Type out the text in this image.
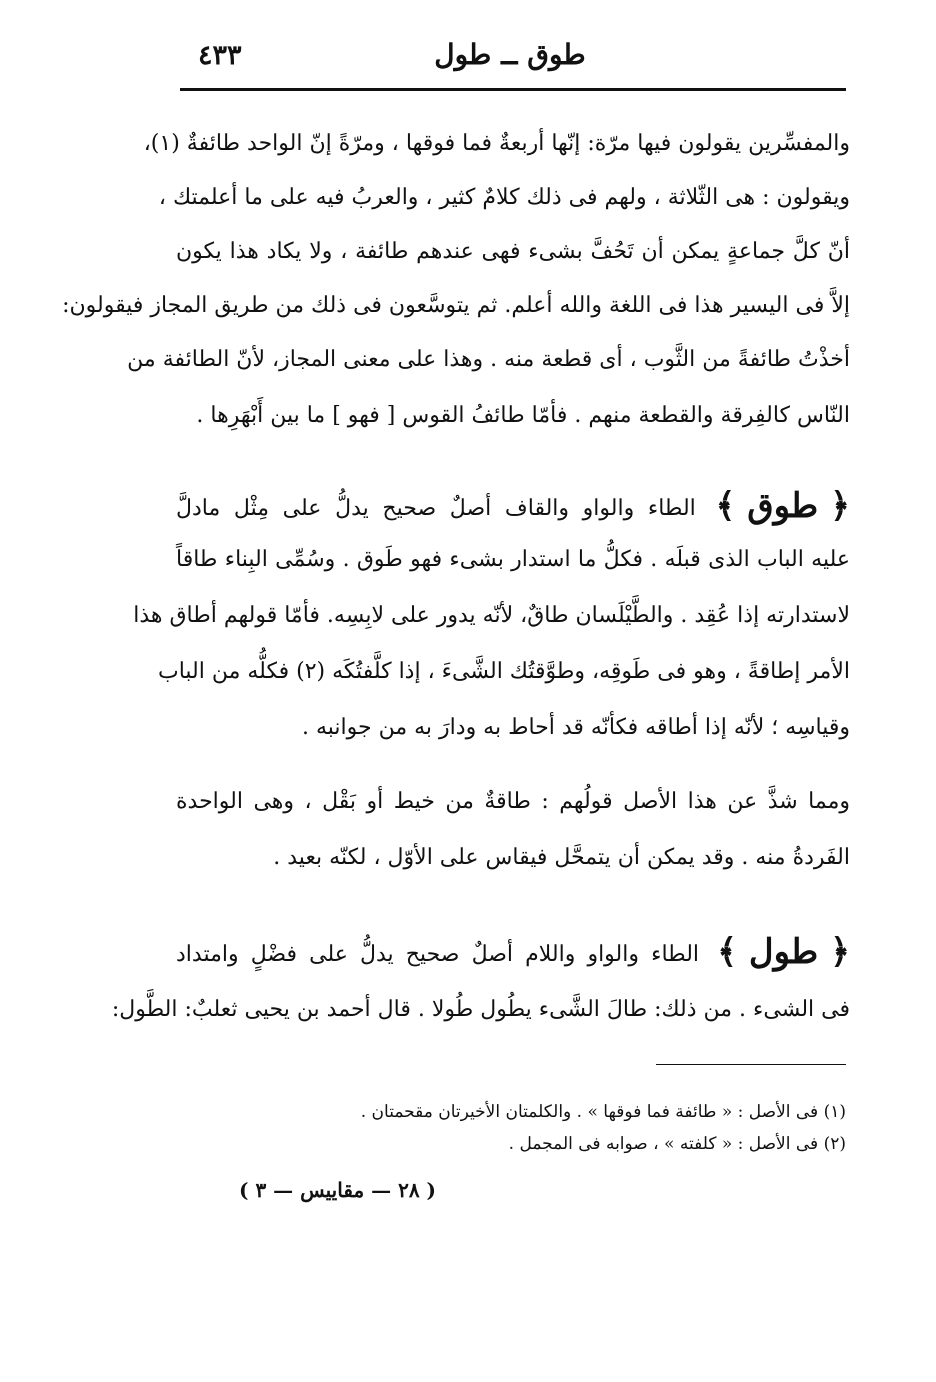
٤٣٣	طوق ــ طول
والمفسِّرين يقولون فيها مرّة: إنّها أربعةٌ فما فوقها ، ومرّةً إنّ الواحد طائفةٌ (١)،
ويقولون : هى الثّلاثة ، ولهم فى ذلك كلامٌ كثير ، والعربُ فيه على ما أعلمتك ،
أنّ كلَّ جماعةٍ يمكن أن تَحُفَّ بشىء فهى عندهم طائفة ، ولا يكاد هذا يكون
إلاَّ فى اليسير هذا فى اللغة والله أعلم. ثم يتوسَّعون فى ذلك من طريق المجاز فيقولون:
أخذْتُ طائفةً من الثَّوب ، أى قطعة منه . وهذا على معنى المجاز، لأنّ الطائفة من
النّاس كالفِرقة والقطعة منهم . فأمّا طائفُ القوس [ فهو ] ما بين أَبْهَرِها .
﴿ طوق ﴾ الطاء والواو والقاف أصلٌ صحيح يدلُّ على مِثْل مادلَّ
عليه الباب الذى قبلَه . فكلُّ ما استدار بشىء فهو طَوق . وسُمِّى البِناء طاقاً
لاستدارته إذا عُقِد . والطَّيْلَسان طاقٌ، لأنّه يدور على لابِسِه. فأمّا قولهم أطاق هذا
الأمر إطاقةً ، وهو فى طَوقِه، وطوَّقتُك الشَّىءَ ، إذا كلَّفتُكَه (٢) فكلُّه من الباب
وقياسِه ؛ لأنّه إذا أطاقه فكأنّه قد أحاط به ودارَ به من جوانبه .
ومما شذَّ عن هذا الأصل قولُهم : طاقةٌ من خيط أو بَقْل ، وهى الواحدة
الفَردةُ منه . وقد يمكن أن يتمحَّل فيقاس على الأوّل ، لكنّه بعيد .
﴿ طول ﴾ الطاء والواو واللام أصلٌ صحيح يدلُّ على فضْلٍ وامتداد
فى الشىء . من ذلك: طالَ الشَّىء يطُول طُولا . قال أحمد بن يحيى ثعلبٌ: الطَّول:
(١) فى الأصل : « طائفة فما فوقها » . والكلمتان الأخيرتان مقحمتان .
(٢) فى الأصل : « كلفته » ، صوابه فى المجمل .
( ٢٨ — مقاييس — ٣ )
